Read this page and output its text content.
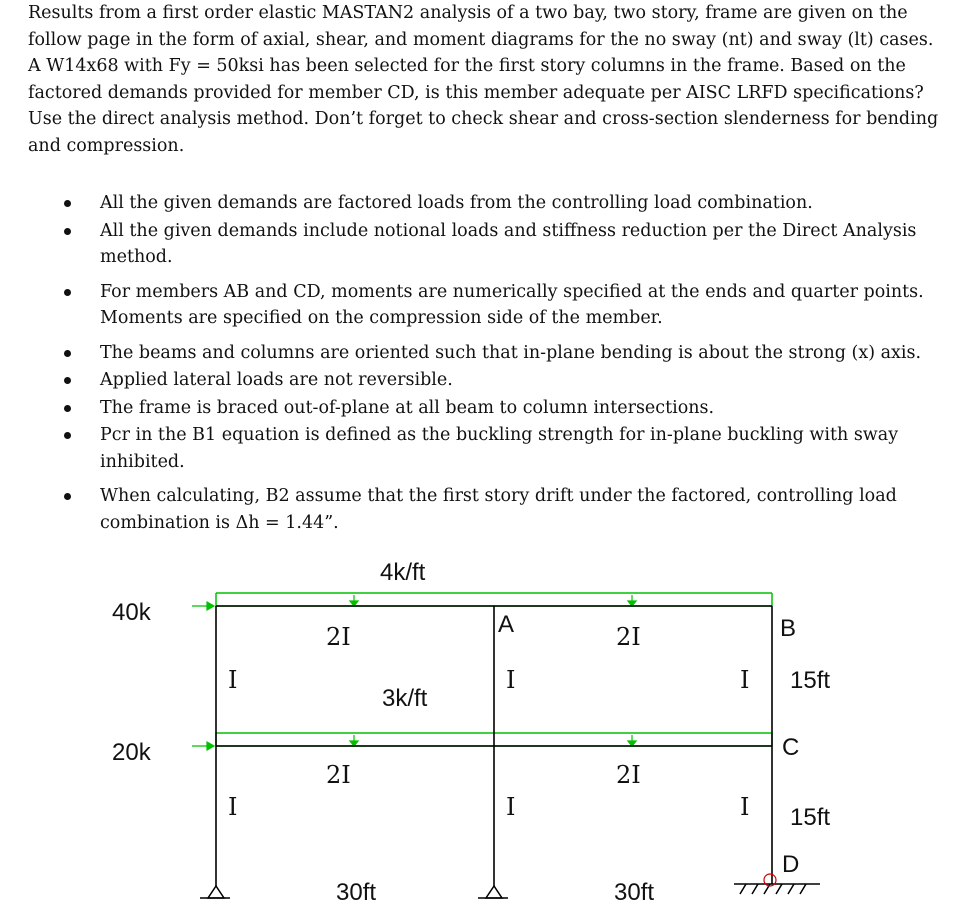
Results from a first order elastic MASTAN2 analysis of a two bay, two story, frame are given on the follow page in the form of axial, shear, and moment diagrams for the no sway (nt) and sway (lt) cases. A W14x68 with Fy = 50ksi has been selected for the first story columns in the frame. Based on the factored demands provided for member CD, is this member adequate per AISC LRFD specifications? Use the direct analysis method. Don’t forget to check shear and cross-section slenderness for bending and compression.

All the given demands are factored loads from the controlling load combination.
All the given demands include notional loads and stiffness reduction per the Direct Analysis method.
For members AB and CD, moments are numerically specified at the ends and quarter points. Moments are specified on the compression side of the member.
The beams and columns are oriented such that in-plane bending is about the strong (x) axis.
Applied lateral loads are not reversible.
The frame is braced out-of-plane at all beam to column intersections.
Pcr in the B1 equation is defined as the buckling strength for in-plane buckling with sway inhibited.
When calculating, B2 assume that the first story drift under the factored, controlling load combination is Δh = 1.44”.
4k/ft
3k/ft
40k
20k
2I	2I
2I	2I
I	I	I
I	I	I
A	B
C
D
15ft
15ft
30ft	30ft
